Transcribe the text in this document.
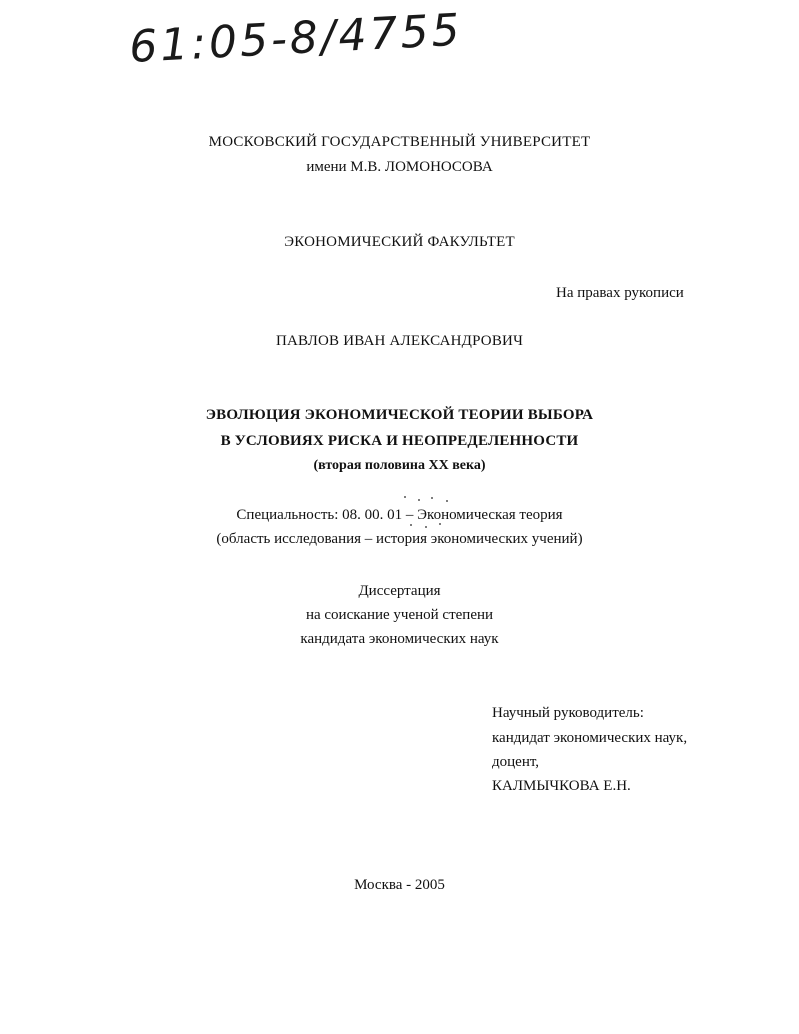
61:05-8/4755
МОСКОВСКИЙ ГОСУДАРСТВЕННЫЙ УНИВЕРСИТЕТ
имени М.В. ЛОМОНОСОВА
ЭКОНОМИЧЕСКИЙ ФАКУЛЬТЕТ
На правах рукописи
ПАВЛОВ ИВАН АЛЕКСАНДРОВИЧ
ЭВОЛЮЦИЯ ЭКОНОМИЧЕСКОЙ ТЕОРИИ ВЫБОРА
В УСЛОВИЯХ РИСКА И НЕОПРЕДЕЛЕННОСТИ
(вторая половина XX века)
Специальность: 08. 00. 01 – Экономическая теория
(область исследования – история экономических учений)
Диссертация
на соискание ученой степени
кандидата экономических наук
Научный руководитель:
кандидат экономических наук,
доцент,
КАЛМЫЧКОВА Е.Н.
Москва - 2005
